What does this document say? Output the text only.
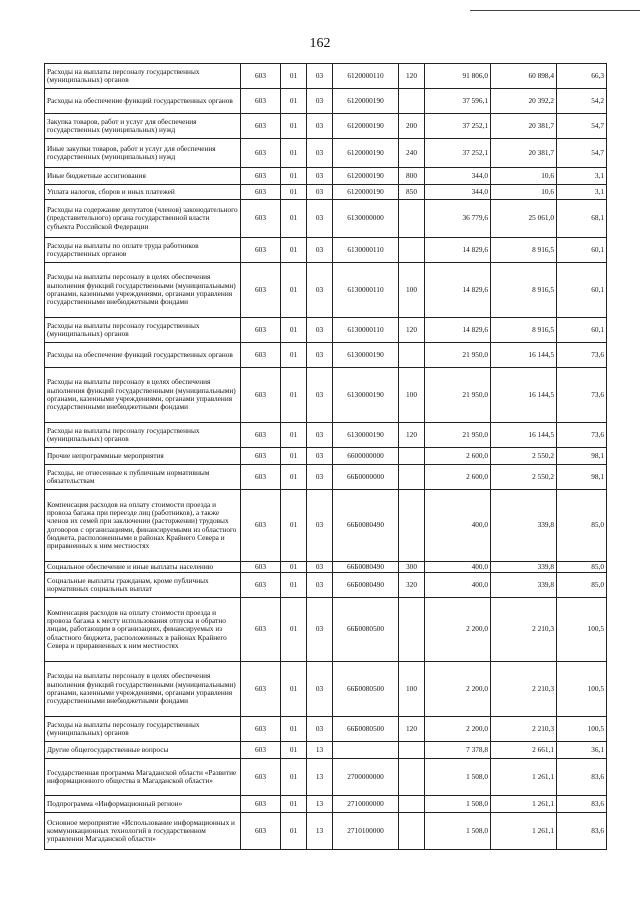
162
Расходы на выплаты персоналу государственных (муниципальных) органов	603	01	03	6120000110	120	91 806,0	60 898,4	66,3
Расходы на обеспечение функций государственных органов	603	01	03	6120000190		37 596,1	20 392,2	54,2
Закупка товаров, работ и услуг для обеспечения государственных (муниципальных) нужд	603	01	03	6120000190	200	37 252,1	20 381,7	54,7
Иные закупки товаров, работ и услуг для обеспечения государственных (муниципальных) нужд	603	01	03	6120000190	240	37 252,1	20 381,7	54,7
Иные бюджетные ассигнования	603	01	03	6120000190	800	344,0	10,6	3,1
Уплата налогов, сборов и иных платежей	603	01	03	6120000190	850	344,0	10,6	3,1
Расходы на содержание депутатов (членов) законодательного (представительного) органа государственной власти субъекта Российской Федерации	603	01	03	6130000000		36 779,6	25 061,0	68,1
Расходы на выплаты по оплате труда работников государственных органов	603	01	03	6130000110		14 829,6	8 916,5	60,1
Расходы на выплаты персоналу в целях обеспечения выполнения функций государственными (муниципальными) органами, казенными учреждениями, органами управления государственными внебюджетными фондами	603	01	03	6130000110	100	14 829,6	8 916,5	60,1
Расходы на выплаты персоналу государственных (муниципальных) органов	603	01	03	6130000110	120	14 829,6	8 916,5	60,1
Расходы на обеспечение функций государственных органов	603	01	03	6130000190		21 950,0	16 144,5	73,6
Расходы на выплаты персоналу в целях обеспечения выполнения функций государственными (муниципальными) органами, казенными учреждениями, органами управления государственными внебюджетными фондами	603	01	03	6130000190	100	21 950,0	16 144,5	73,6
Расходы на выплаты персоналу государственных (муниципальных) органов	603	01	03	6130000190	120	21 950,0	16 144,5	73,6
Прочие непрограммные мероприятия	603	01	03	6600000000		2 600,0	2 550,2	98,1
Расходы, не отнесенные к публичным нормативным обязательствам	603	01	03	66Б0000000		2 600,0	2 550,2	98,1
Компенсация расходов на оплату стоимости проезда и провоза багажа при переезде лиц (работников), а также членов их семей при заключении (расторжении) трудовых договоров с организациями, финансируемыми из областного бюджета, расположенными в районах Крайнего Севера и приравненных к ним местностях	603	01	03	66Б0080490		400,0	339,8	85,0
Социальное обеспечение и иные выплаты населению	603	01	03	66Б0080490	300	400,0	339,8	85,0
Социальные выплаты гражданам, кроме публичных нормативных социальных выплат	603	01	03	66Б0080490	320	400,0	339,8	85,0
Компенсация расходов на оплату стоимости проезда и провоза багажа к месту использования отпуска и обратно лицам, работающим в организациях, финансируемых из областного бюджета, расположенных в районах Крайнего Севера и приравненных к ним местностях	603	01	03	66Б0080500		2 200,0	2 210,3	100,5
Расходы на выплаты персоналу в целях обеспечения выполнения функций государственными (муниципальными) органами, казенными учреждениями, органами управления государственными внебюджетными фондами	603	01	03	66Б0080500	100	2 200,0	2 210,3	100,5
Расходы на выплаты персоналу государственных (муниципальных) органов	603	01	03	66Б0080500	120	2 200,0	2 210,3	100,5
Другие общегосударственные вопросы	603	01	13			7 378,8	2 661,1	36,1
Государственная программа Магаданской области «Развитие информационного общества в Магаданской области»	603	01	13	2700000000		1 508,0	1 261,1	83,6
Подпрограмма «Информационный регион»	603	01	13	2710000000		1 508,0	1 261,1	83,6
Основное мероприятие «Использование информационных и коммуникационных технологий в государственном управлении Магаданской области»	603	01	13	2710100000		1 508,0	1 261,1	83,6
